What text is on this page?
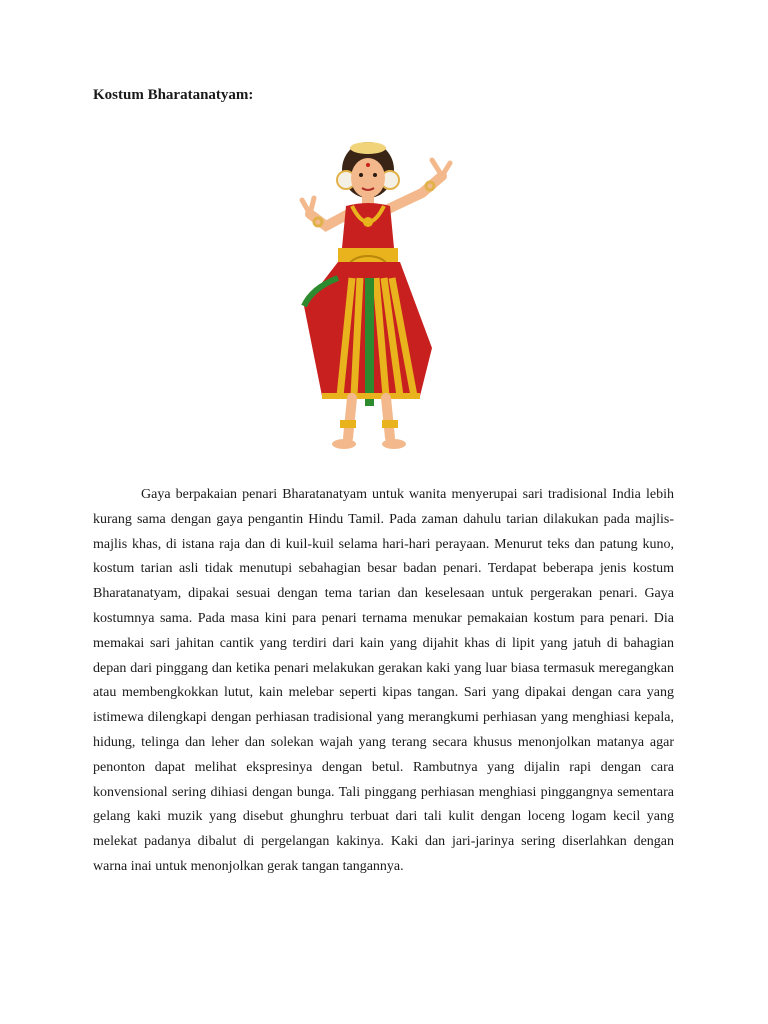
Kostum Bharatanatyam:

Gaya berpakaian penari Bharatanatyam untuk wanita menyerupai sari tradisional India lebih kurang sama dengan gaya pengantin Hindu Tamil. Pada zaman dahulu tarian dilakukan pada majlis-majlis khas, di istana raja dan di kuil-kuil selama hari-hari perayaan. Menurut teks dan patung kuno, kostum tarian asli tidak menutupi sebahagian besar badan penari. Terdapat beberapa jenis kostum Bharatanatyam, dipakai sesuai dengan tema tarian dan keselesaan untuk pergerakan penari. Gaya kostumnya sama. Pada masa kini para penari ternama menukar pemakaian kostum para penari. Dia memakai sari jahitan cantik yang terdiri dari kain yang dijahit khas di lipit yang jatuh di bahagian depan dari pinggang dan ketika penari melakukan gerakan kaki yang luar biasa termasuk meregangkan atau membengkokkan lutut, kain melebar seperti kipas tangan. Sari yang dipakai dengan cara yang istimewa dilengkapi dengan perhiasan tradisional yang merangkumi perhiasan yang menghiasi kepala, hidung, telinga dan leher dan solekan wajah yang terang secara khusus menonjolkan matanya agar penonton dapat melihat ekspresinya dengan betul. Rambutnya yang dijalin rapi dengan cara konvensional sering dihiasi dengan bunga. Tali pinggang perhiasan menghiasi pinggangnya sementara gelang kaki muzik yang disebut ghunghru terbuat dari tali kulit dengan loceng logam kecil yang melekat padanya dibalut di pergelangan kakinya. Kaki dan jari-jarinya sering diserlahkan dengan warna inai untuk menonjolkan gerak tangan tangannya.
